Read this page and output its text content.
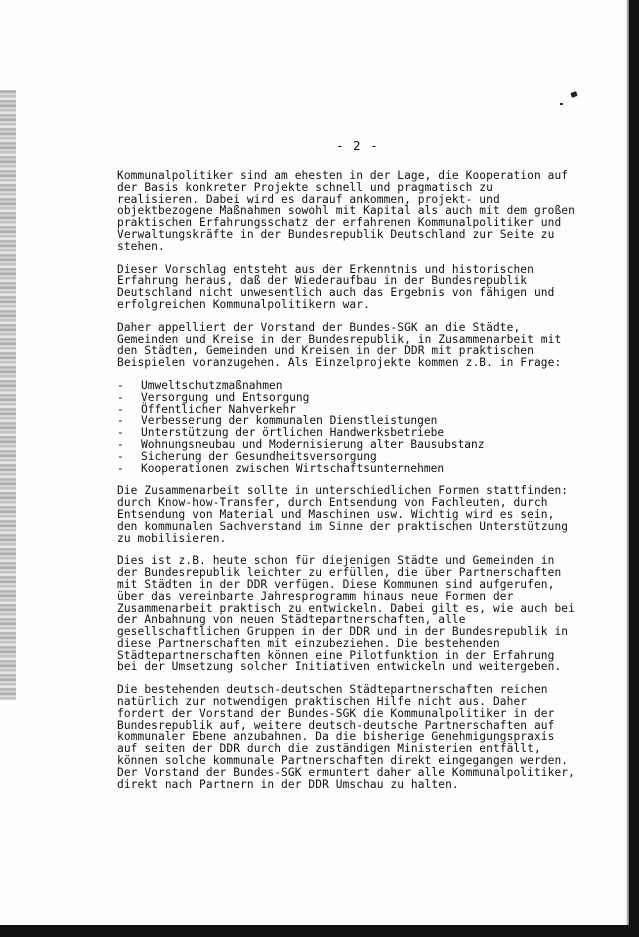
- 2 -
Kommunalpolitiker sind am ehesten in der Lage, die Kooperation auf
der Basis konkreter Projekte schnell und pragmatisch zu
realisieren. Dabei wird es darauf ankommen, projekt- und
objektbezogene Maßnahmen sowohl mit Kapital als auch mit dem großen
praktischen Erfahrungsschatz der erfahrenen Kommunalpolitiker und
Verwaltungskräfte in der Bundesrepublik Deutschland zur Seite zu
stehen.
Dieser Vorschlag entsteht aus der Erkenntnis und historischen
Erfahrung heraus, daß der Wiederaufbau in der Bundesrepublik
Deutschland nicht unwesentlich auch das Ergebnis von fähigen und
erfolgreichen Kommunalpolitikern war.
Daher appelliert der Vorstand der Bundes-SGK an die Städte,
Gemeinden und Kreise in der Bundesrepublik, in Zusammenarbeit mit
den Städten, Gemeinden und Kreisen in der DDR mit praktischen
Beispielen voranzugehen. Als Einzelprojekte kommen z.B. in Frage:
- Umweltschutzmaßnahmen
- Versorgung und Entsorgung
- Öffentlicher Nahverkehr
- Verbesserung der kommunalen Dienstleistungen
- Unterstützung der örtlichen Handwerksbetriebe
- Wohnungsneubau und Modernisierung alter Bausubstanz
- Sicherung der Gesundheitsversorgung
- Kooperationen zwischen Wirtschaftsunternehmen
Die Zusammenarbeit sollte in unterschiedlichen Formen stattfinden:
durch Know-how-Transfer, durch Entsendung von Fachleuten, durch
Entsendung von Material und Maschinen usw. Wichtig wird es sein,
den kommunalen Sachverstand im Sinne der praktischen Unterstützung
zu mobilisieren.
Dies ist z.B. heute schon für diejenigen Städte und Gemeinden in
der Bundesrepublik leichter zu erfüllen, die über Partnerschaften
mit Städten in der DDR verfügen. Diese Kommunen sind aufgerufen,
über das vereinbarte Jahresprogramm hinaus neue Formen der
Zusammenarbeit praktisch zu entwickeln. Dabei gilt es, wie auch bei
der Anbahnung von neuen Städtepartnerschaften, alle
gesellschaftlichen Gruppen in der DDR und in der Bundesrepublik in
diese Partnerschaften mit einzubeziehen. Die bestehenden
Städtepartnerschaften können eine Pilotfunktion in der Erfahrung
bei der Umsetzung solcher Initiativen entwickeln und weitergeben.
Die bestehenden deutsch-deutschen Städtepartnerschaften reichen
natürlich zur notwendigen praktischen Hilfe nicht aus. Daher
fordert der Vorstand der Bundes-SGK die Kommunalpolitiker in der
Bundesrepublik auf, weitere deutsch-deutsche Partnerschaften auf
kommunaler Ebene anzubahnen. Da die bisherige Genehmigungspraxis
auf seiten der DDR durch die zuständigen Ministerien entfällt,
können solche kommunale Partnerschaften direkt eingegangen werden.
Der Vorstand der Bundes-SGK ermuntert daher alle Kommunalpolitiker,
direkt nach Partnern in der DDR Umschau zu halten.
